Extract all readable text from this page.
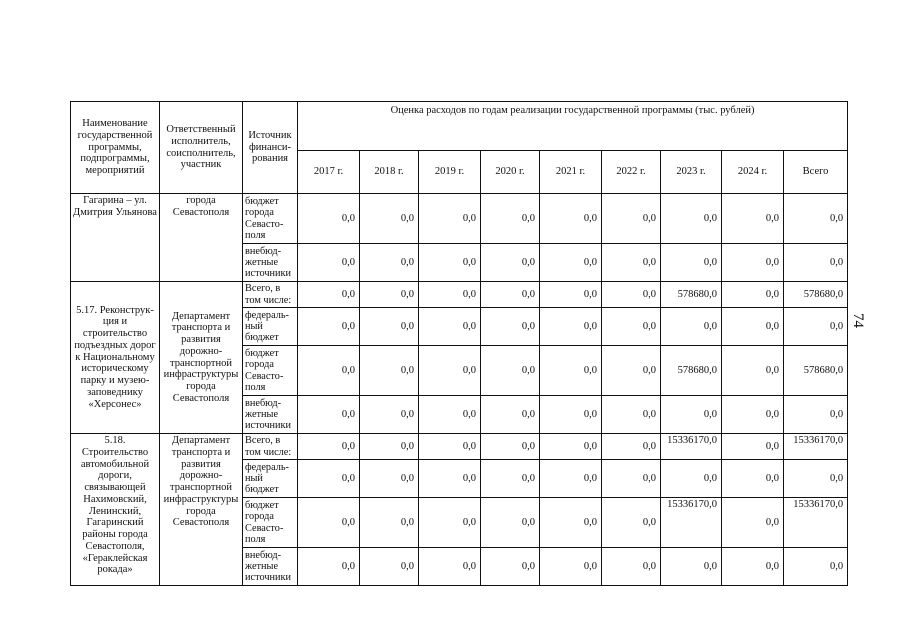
74
Наименование государственной программы, подпрограммы, мероприятий	Ответственный исполнитель, соисполнитель, участник	Источник финанси-рования	Оценка расходов по годам реализации государственной программы (тыс. рублей)								
			2017 г.	2018 г.	2019 г.	2020 г.	2021 г.	2022 г.	2023 г.	2024 г.	Всего
Гагарина – ул. Дмитрия Ульянова	города Севастополя	бюджет города Севасто-поля	0,0	0,0	0,0	0,0	0,0	0,0	0,0	0,0	0,0
		внебюд-жетные источники	0,0	0,0	0,0	0,0	0,0	0,0	0,0	0,0	0,0
5.17. Реконструк-ция и строительство подъездных дорог к Национальному историческому парку и музею-заповеднику «Херсонес»	Департамент транспорта и развития дорожно-транспортной инфраструктуры города Севастополя	Всего, в том числе:	0,0	0,0	0,0	0,0	0,0	0,0	578680,0	0,0	578680,0
		федераль-ный бюджет	0,0	0,0	0,0	0,0	0,0	0,0	0,0	0,0	0,0
		бюджет города Севасто-поля	0,0	0,0	0,0	0,0	0,0	0,0	578680,0	0,0	578680,0
		внебюд-жетные источники	0,0	0,0	0,0	0,0	0,0	0,0	0,0	0,0	0,0
5.18. Строительство автомобильной дороги, связывающей Нахимовский, Ленинский, Гагаринский районы города Севастополя, «Гераклейская рокада»	Департамент транспорта и развития дорожно-транспортной инфраструктуры города Севастополя	Всего, в том числе:	0,0	0,0	0,0	0,0	0,0	0,0	15336170,0	0,0	15336170,0
		федераль-ный бюджет	0,0	0,0	0,0	0,0	0,0	0,0	0,0	0,0	0,0
		бюджет города Севасто-поля	0,0	0,0	0,0	0,0	0,0	0,0	15336170,0	0,0	15336170,0
		внебюд-жетные источники	0,0	0,0	0,0	0,0	0,0	0,0	0,0	0,0	0,0
